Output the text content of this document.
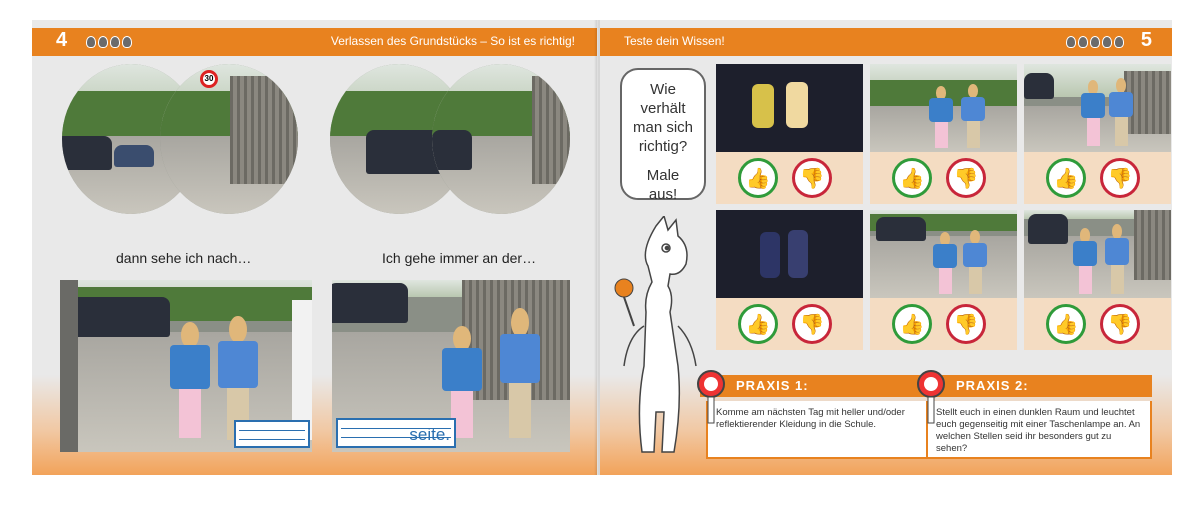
4	Verlassen des Grundstücks – So ist es richtig!
30
dann sehe ich nach…	Ich gehe immer an der…
seite.
Teste dein Wissen!	5
Wie
verhält
man sich
richtig?
Male
aus!
👍 👎	👍 👎	👍 👎
👍 👎	👍 👎	👍 👎
PRAXIS 1:
Komme am nächsten Tag mit heller und/oder reflektierender Kleidung in die Schule.
PRAXIS 2:
Stellt euch in einen dunklen Raum und leuchtet euch gegenseitig mit einer Taschenlampe an. An welchen Stellen seid ihr besonders gut zu sehen?
